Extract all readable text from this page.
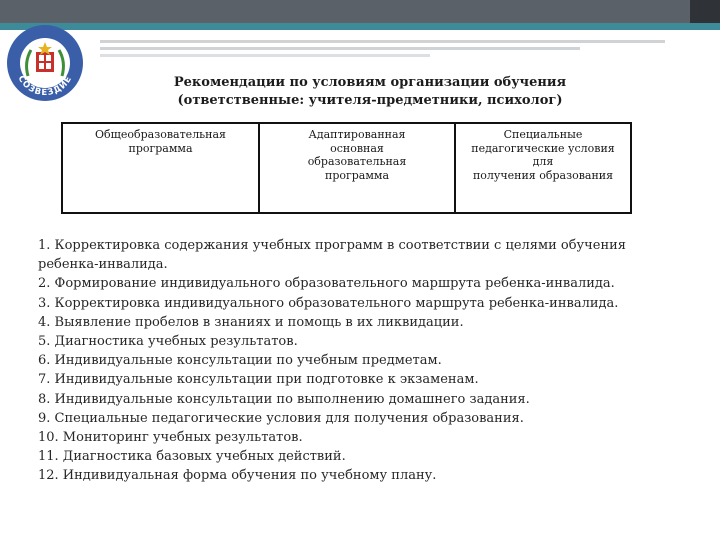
СОЗВЕЗДИЕ	Рекомендации по условиям организации обучения
(ответственные: учителя-предметники, психолог)
Общеобразовательная
программа
Адаптированная
основная
образовательная
программа
Специальные
педагогические условия
для
получения образования
1. Корректировка содержания учебных программ в соответствии с целями обучения
ребенка-инвалида.
2. Формирование индивидуального образовательного маршрута ребенка-инвалида.
3. Корректировка индивидуального образовательного маршрута ребенка-инвалида.
4. Выявление пробелов в знаниях и помощь в их ликвидации.
5. Диагностика учебных результатов.
6. Индивидуальные консультации по учебным предметам.
7. Индивидуальные консультации при подготовке к экзаменам.
8. Индивидуальные консультации по выполнению домашнего задания.
9. Специальные педагогические условия для получения образования.
10. Мониторинг учебных результатов.
11. Диагностика базовых учебных действий.
12. Индивидуальная форма обучения по учебному плану.
